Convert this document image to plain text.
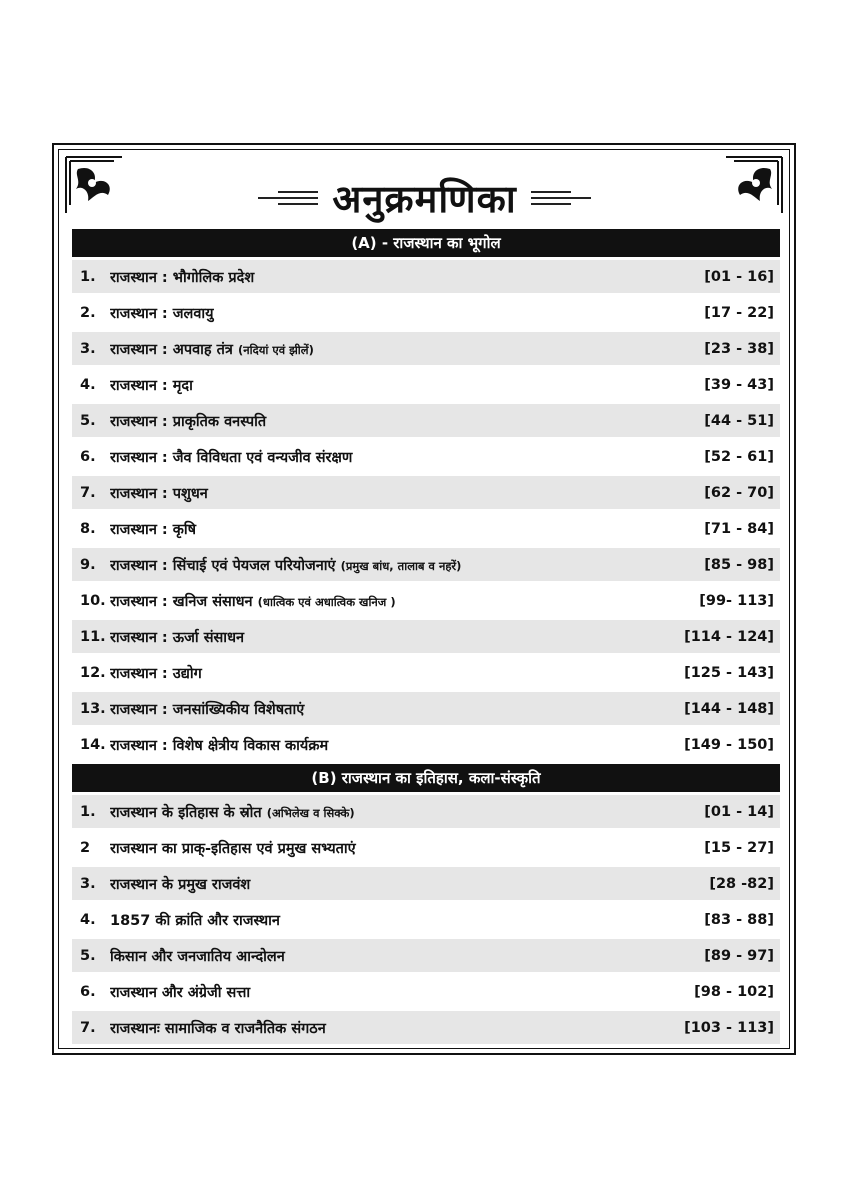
अनुक्रमणिका
(A) - राजस्थान का भूगोल
1. राजस्थान : भौगोलिक प्रदेश	[01 - 16]
2. राजस्थान : जलवायु	[17 - 22]
3. राजस्थान : अपवाह तंत्र (नदियां एवं झीलें)	[23 - 38]
4. राजस्थान : मृदा	[39 - 43]
5. राजस्थान : प्राकृतिक वनस्पति	[44 - 51]
6. राजस्थान : जैव विविधता एवं वन्यजीव संरक्षण	[52 - 61]
7. राजस्थान : पशुधन	[62 - 70]
8. राजस्थान : कृषि	[71 - 84]
9. राजस्थान : सिंचाई एवं पेयजल परियोजनाएं (प्रमुख बांध, तालाब व नहरें)	[85 - 98]
10. राजस्थान : खनिज संसाधन (धात्विक एवं अधात्विक खनिज )	[99- 113]
11. राजस्थान : ऊर्जा संसाधन	[114 - 124]
12. राजस्थान : उद्योग	[125 - 143]
13. राजस्थान : जनसांख्यिकीय विशेषताएं	[144 - 148]
14. राजस्थान : विशेष क्षेत्रीय विकास कार्यक्रम	[149 - 150]
(B) राजस्थान का इतिहास, कला-संस्कृति
1. राजस्थान के इतिहास के स्रोत (अभिलेख व सिक्के)	[01 - 14]
2	राजस्थान का प्राक्-इतिहास एवं प्रमुख सभ्यताएं	[15 - 27]
3. राजस्थान के प्रमुख राजवंश	[28 -82]
4. 1857 की क्रांति और राजस्थान	[83 - 88]
5. किसान और जनजातिय आन्दोलन	[89 - 97]
6. राजस्थान और अंग्रेजी सत्ता	[98 - 102]
7. राजस्थानः सामाजिक व राजनैतिक संगठन	[103 - 113]
